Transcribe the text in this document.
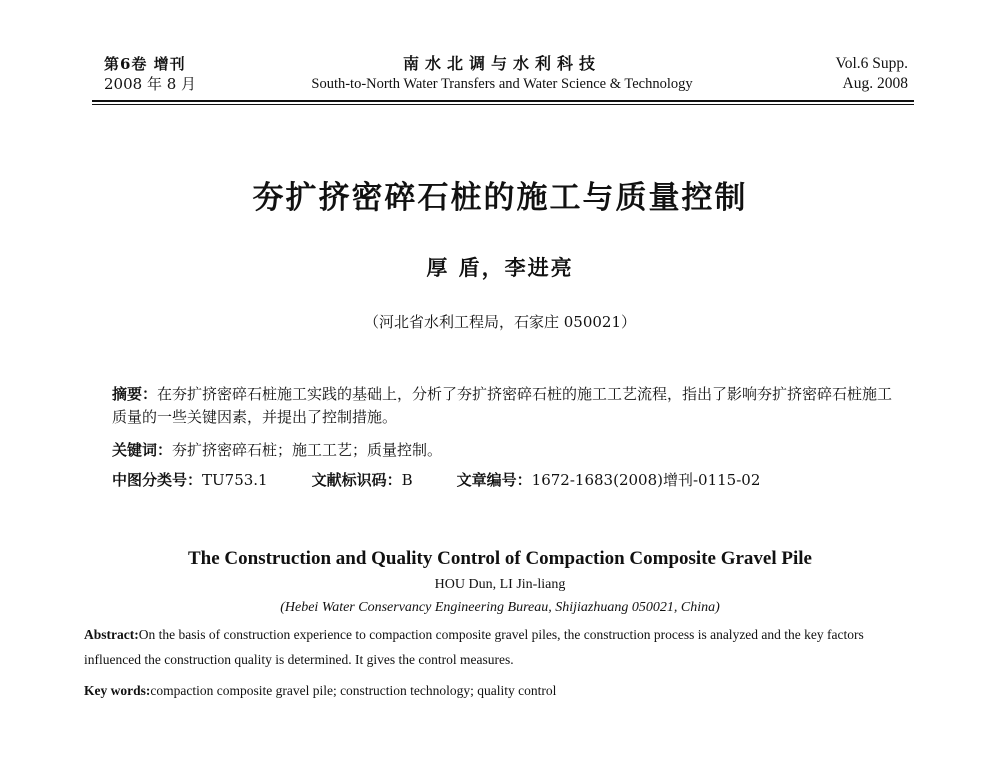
第6卷 增刊
2008 年 8 月
南水北调与水利科技
South-to-North Water Transfers and Water Science & Technology
Vol.6 Supp.
Aug. 2008
夯扩挤密碎石桩的施工与质量控制
厚 盾，李进亮
（河北省水利工程局，石家庄 050021）
摘要：在夯扩挤密碎石桩施工实践的基础上，分析了夯扩挤密碎石桩的施工工艺流程，指出了影响夯扩挤密碎石桩施工质量的一些关键因素，并提出了控制措施。
关键词：夯扩挤密碎石桩；施工工艺；质量控制。
中图分类号：TU753.1	文献标识码：B	文章编号：1672-1683(2008)增刊-0115-02
The Construction and Quality Control of Compaction Composite Gravel Pile
HOU Dun, LI Jin-liang
(Hebei Water Conservancy Engineering Bureau, Shijiazhuang 050021, China)
Abstract:On the basis of construction experience to compaction composite gravel piles, the construction process is analyzed and the key factors influenced the construction quality is determined. It gives the control measures.
Key words:compaction composite gravel pile; construction technology; quality control
